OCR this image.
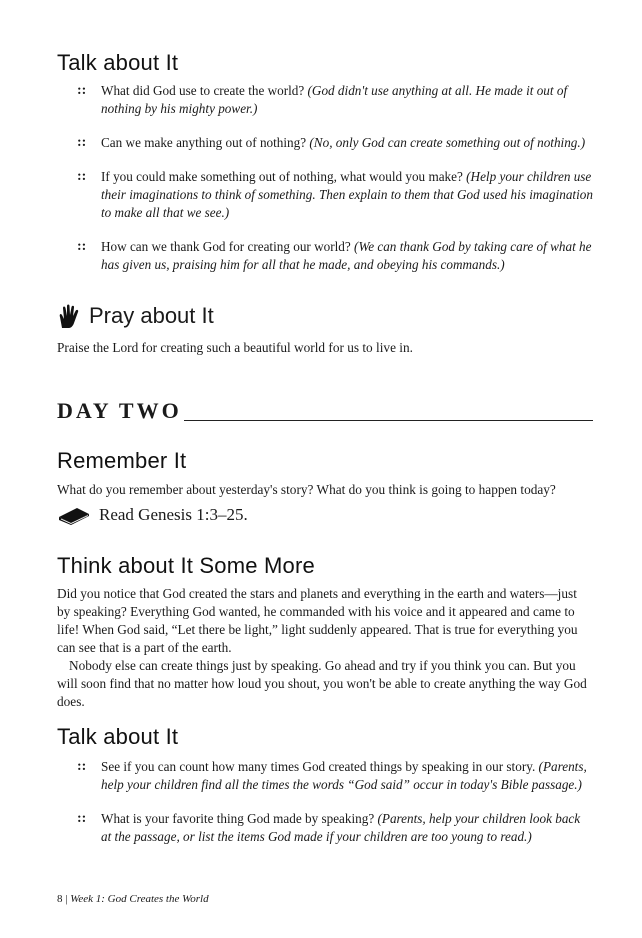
Talk about It
::	What did God use to create the world? (God didn't use anything at all. He made it out of nothing by his mighty power.)
::	Can we make anything out of nothing? (No, only God can create something out of nothing.)
::	If you could make something out of nothing, what would you make? (Help your children use their imaginations to think of something. Then explain to them that God used his imagination to make all that we see.)
::	How can we thank God for creating our world? (We can thank God by taking care of what he has given us, praising him for all that he made, and obeying his commands.)
Pray about It

Praise the Lord for creating such a beautiful world for us to live in.

DAY TWO
Remember It

What do you remember about yesterday's story? What do you think is going to happen today?

Read Genesis 1:3–25.
Think about It Some More

Did you notice that God created the stars and planets and everything in the earth and waters—just by speaking? Everything God wanted, he commanded with his voice and it appeared and came to life! When God said, “Let there be light,” light suddenly appeared. That is true for everything you can see that is a part of the earth.

Nobody else can create things just by speaking. Go ahead and try if you think you can. But you will soon find that no matter how loud you shout, you won't be able to create anything the way God does.

Talk about It
::	See if you can count how many times God created things by speaking in our story. (Parents, help your children find all the times the words “God said” occur in today's Bible passage.)
::	What is your favorite thing God made by speaking? (Parents, help your children look back at the passage, or list the items God made if your children are too young to read.)
8 | Week 1: God Creates the World
